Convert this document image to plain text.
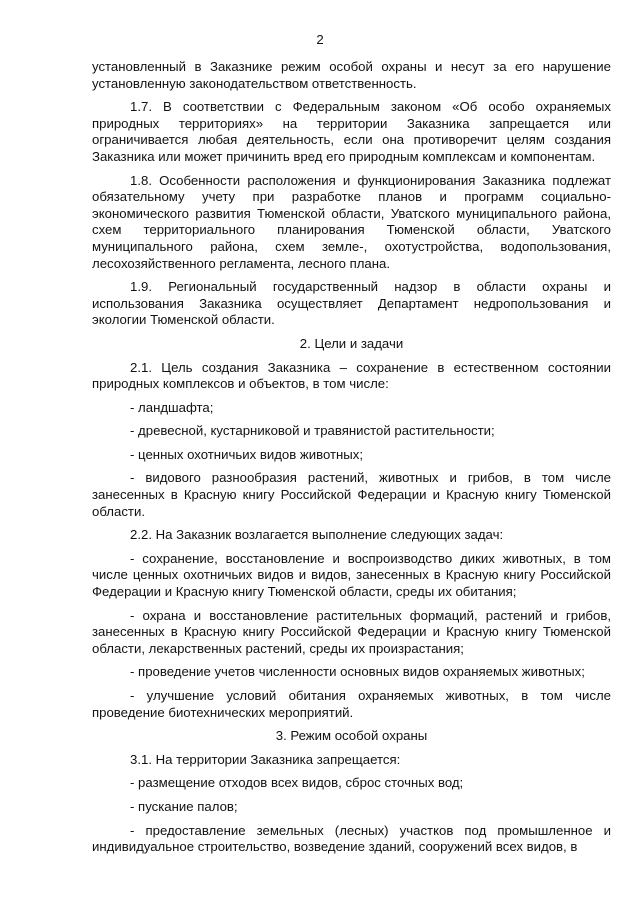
2

установленный в Заказнике режим особой охраны и несут за его нарушение установленную законодательством ответственность.

1.7. В соответствии с Федеральным законом «Об особо охраняемых природных территориях» на территории Заказника запрещается или ограничивается любая деятельность, если она противоречит целям создания Заказника или может причинить вред его природным комплексам и компонентам.

1.8. Особенности расположения и функционирования Заказника подлежат обязательному учету при разработке планов и программ социально-экономического развития Тюменской области, Уватского муниципального района, схем территориального планирования Тюменской области, Уватского муниципального района, схем земле-, охотустройства, водопользования, лесохозяйственного регламента, лесного плана.

1.9. Региональный государственный надзор в области охраны и использования Заказника осуществляет Департамент недропользования и экологии Тюменской области.

2. Цели и задачи

2.1. Цель создания Заказника – сохранение в естественном состоянии природных комплексов и объектов, в том числе:

- ландшафта;

- древесной, кустарниковой и травянистой растительности;

- ценных охотничьих видов животных;

- видового разнообразия растений, животных и грибов, в том числе занесенных в Красную книгу Российской Федерации и Красную книгу Тюменской области.

2.2. На Заказник возлагается выполнение следующих задач:

- сохранение, восстановление и воспроизводство диких животных, в том числе ценных охотничьих видов и видов, занесенных в Красную книгу Российской Федерации и Красную книгу Тюменской области, среды их обитания;

- охрана и восстановление растительных формаций, растений и грибов, занесенных в Красную книгу Российской Федерации и Красную книгу Тюменской области, лекарственных растений, среды их произрастания;

- проведение учетов численности основных видов охраняемых животных;

- улучшение условий обитания охраняемых животных, в том числе проведение биотехнических мероприятий.

3. Режим особой охраны

3.1. На территории Заказника запрещается:

- размещение отходов всех видов, сброс сточных вод;

- пускание палов;

- предоставление земельных (лесных) участков под промышленное и индивидуальное строительство, возведение зданий, сооружений всех видов, в
